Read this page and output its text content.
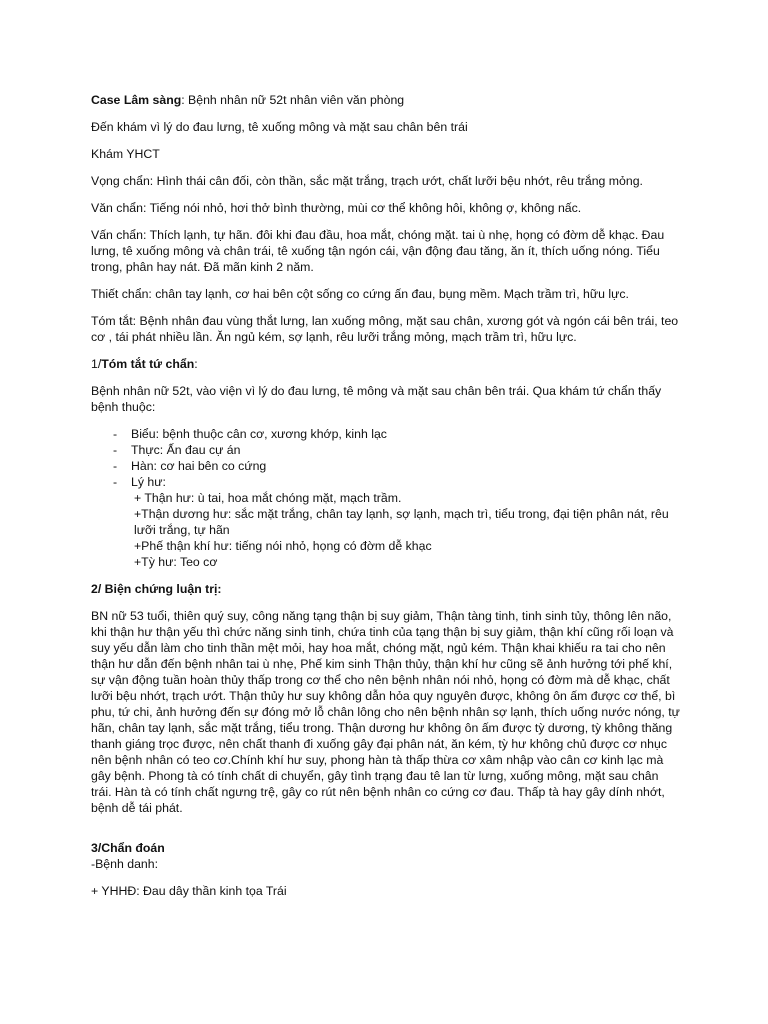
Case Lâm sàng: Bệnh nhân nữ 52t nhân viên văn phòng

Đến khám vì lý do đau lưng, tê xuống mông và mặt sau chân bên trái

Khám YHCT

Vọng chẩn: Hình thái cân đối, còn thần, sắc mặt trắng, trạch ướt, chất lưỡi bệu nhớt, rêu trắng mỏng.

Văn chẩn: Tiếng nói nhỏ, hơi thở bình thường, mùi cơ thể không hôi, không ợ, không nấc.

Vấn chẩn: Thích lạnh, tự hãn. đôi khi đau đầu, hoa mắt, chóng mặt. tai ù nhẹ, họng có đờm dễ khạc. Đau lưng, tê xuống mông và chân trái, tê xuống tận ngón cái, vận động đau tăng, ăn ít, thích uống nóng. Tiểu trong, phân hay nát. Đã mãn kinh 2 năm.

Thiết chẩn: chân tay lạnh, cơ hai bên cột sống co cứng ấn đau, bụng mềm. Mạch trầm trì, hữu lực.

Tóm tắt: Bệnh nhân đau vùng thắt lưng, lan xuống mông, mặt sau chân, xương gót và ngón cái bên trái, teo cơ , tái phát nhiều lần. Ăn ngủ kém, sợ lạnh, rêu lưỡi trắng mỏng, mạch trầm trì, hữu lực.

1/Tóm tắt tứ chẩn:

Bệnh nhân nữ 52t, vào viện vì lý do đau lưng, tê mông và mặt sau chân bên trái. Qua khám tứ chẩn thấy bệnh thuộc:

- Biểu: bệnh thuộc cân cơ, xương khớp, kinh lạc
- Thực: Ấn đau cự án
- Hàn: cơ hai bên co cứng
- Lý hư:

+ Thận hư: ù tai, hoa mắt chóng mặt, mạch trầm.

+Thận dương hư: sắc mặt trắng, chân tay lạnh, sợ lạnh, mạch trì, tiểu trong, đại tiện phân nát, rêu lưỡi trắng, tự hãn

+Phế thận khí hư: tiếng nói nhỏ, họng có đờm dễ khạc

+Tỳ hư: Teo cơ

2/ Biện chứng luận trị:

BN nữ 53 tuổi, thiên quý suy, công năng tạng thận bị suy giảm, Thận tàng tinh, tinh sinh tủy, thông lên não, khi thận hư thận yếu thì chức năng sinh tinh, chứa tinh của tạng thận bị suy giảm, thận khí cũng rối loạn và suy yếu dẫn làm cho tinh thần mệt mỏi, hay hoa mắt, chóng mặt, ngủ kém. Thận khai khiếu ra tai cho nên thận hư dẫn đến bệnh nhân tai ù nhẹ, Phế kim sinh Thận thủy, thận khí hư cũng sẽ ảnh hưởng tới phế khí, sự vận động tuần hoàn thủy thấp trong cơ thể cho nên bệnh nhân nói nhỏ, họng có đờm mà dễ khạc, chất lưỡi bệu nhớt, trạch ướt. Thận thủy hư suy không dẫn hỏa quy nguyên được, không ôn ấm được cơ thể, bì phu, tứ chi, ảnh hưởng đến sự đóng mở lỗ chân lông cho nên bệnh nhân sợ lạnh, thích uống nước nóng, tự hãn, chân tay lạnh, sắc mặt trắng, tiểu trong. Thận dương hư không ôn ấm được tỳ dương, tỳ không thăng thanh giáng trọc được, nên chất thanh đi xuống gây đại phân nát, ăn kém, tỳ hư không chủ được cơ nhục nên bệnh nhân có teo cơ.Chính khí hư suy, phong hàn tà thấp thừa cơ xâm nhập vào cân cơ kinh lạc mà gây bệnh. Phong tà có tính chất di chuyển, gây tình trạng đau tê lan từ lưng, xuống mông, mặt sau chân trái. Hàn tà có tính chất ngưng trệ, gây co rút nên bệnh nhân co cứng cơ đau. Thấp tà hay gây dính nhớt, bệnh dễ tái phát.

3/Chẩn đoán

-Bệnh danh:

+ YHHĐ: Đau dây thần kinh tọa Trái
